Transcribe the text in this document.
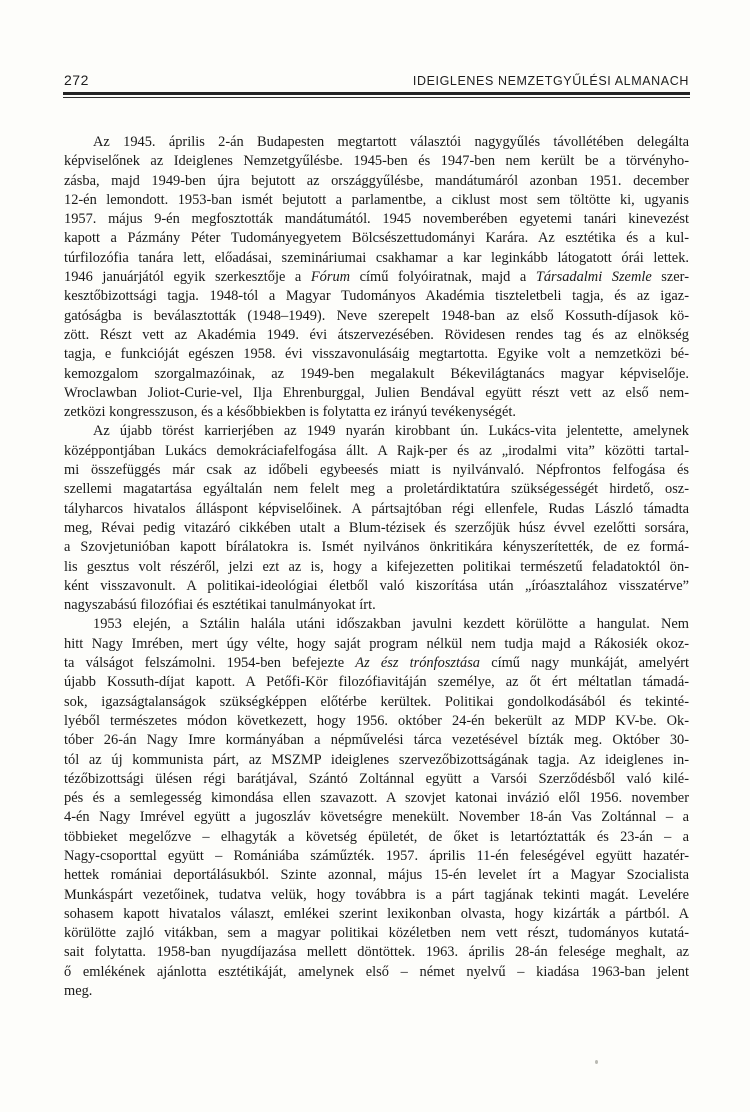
272	IDEIGLENES NEMZETGYŰLÉSI ALMANACH
Az 1945. április 2-án Budapesten megtartott választói nagygyűlés távollétében delegálta
képviselőnek az Ideiglenes Nemzetgyűlésbe. 1945-ben és 1947-ben nem került be a törvényho-
zásba, majd 1949-ben újra bejutott az országgyűlésbe, mandátumáról azonban 1951. december
12-én lemondott. 1953-ban ismét bejutott a parlamentbe, a ciklust most sem töltötte ki, ugyanis
1957. május 9-én megfosztották mandátumától. 1945 novemberében egyetemi tanári kinevezést
kapott a Pázmány Péter Tudományegyetem Bölcsészettudományi Karára. Az esztétika és a kul-
túrfilozófia tanára lett, előadásai, szemináriumai csakhamar a kar leginkább látogatott órái lettek.
1946 januárjától egyik szerkesztője a Fórum című folyóiratnak, majd a Társadalmi Szemle szer-
kesztőbizottsági tagja. 1948-tól a Magyar Tudományos Akadémia tiszteletbeli tagja, és az igaz-
gatóságba is beválasztották (1948–1949). Neve szerepelt 1948-ban az első Kossuth-díjasok kö-
zött. Részt vett az Akadémia 1949. évi átszervezésében. Rövidesen rendes tag és az elnökség
tagja, e funkcióját egészen 1958. évi visszavonulásáig megtartotta. Egyike volt a nemzetközi bé-
kemozgalom szorgalmazóinak, az 1949-ben megalakult Békevilágtanács magyar képviselője.
Wroclawban Joliot-Curie-vel, Ilja Ehrenburggal, Julien Bendával együtt részt vett az első nem-
zetközi kongresszuson, és a későbbiekben is folytatta ez irányú tevékenységét.
Az újabb törést karrierjében az 1949 nyarán kirobbant ún. Lukács-vita jelentette, amelynek
középpontjában Lukács demokráciafelfogása állt. A Rajk-per és az „irodalmi vita” közötti tartal-
mi összefüggés már csak az időbeli egybeesés miatt is nyilvánvaló. Népfrontos felfogása és
szellemi magatartása egyáltalán nem felelt meg a proletárdiktatúra szükségességét hirdető, osz-
tályharcos hivatalos álláspont képviselőinek. A pártsajtóban régi ellenfele, Rudas László támadta
meg, Révai pedig vitazáró cikkében utalt a Blum-tézisek és szerzőjük húsz évvel ezelőtti sorsára,
a Szovjetunióban kapott bírálatokra is. Ismét nyilvános önkritikára kényszerítették, de ez formá-
lis gesztus volt részéről, jelzi ezt az is, hogy a kifejezetten politikai természetű feladatoktól ön-
ként visszavonult. A politikai-ideológiai életből való kiszorítása után „íróasztalához visszatérve”
nagyszabású filozófiai és esztétikai tanulmányokat írt.
1953 elején, a Sztálin halála utáni időszakban javulni kezdett körülötte a hangulat. Nem
hitt Nagy Imrében, mert úgy vélte, hogy saját program nélkül nem tudja majd a Rákosiék okoz-
ta válságot felszámolni. 1954-ben befejezte Az ész trónfosztása című nagy munkáját, amelyért
újabb Kossuth-díjat kapott. A Petőfi-Kör filozófiavitáján személye, az őt ért méltatlan támadá-
sok, igazságtalanságok szükségképpen előtérbe kerültek. Politikai gondolkodásából és tekinté-
lyéből természetes módon következett, hogy 1956. október 24-én bekerült az MDP KV-be. Ok-
tóber 26-án Nagy Imre kormányában a népművelési tárca vezetésével bízták meg. Október 30-
tól az új kommunista párt, az MSZMP ideiglenes szervezőbizottságának tagja. Az ideiglenes in-
tézőbizottsági ülésen régi barátjával, Szántó Zoltánnal együtt a Varsói Szerződésből való kilé-
pés és a semlegesség kimondása ellen szavazott. A szovjet katonai invázió elől 1956. november
4-én Nagy Imrével együtt a jugoszláv követségre menekült. November 18-án Vas Zoltánnal – a
többieket megelőzve – elhagyták a követség épületét, de őket is letartóztatták és 23-án – a
Nagy-csoporttal együtt – Romániába száműzték. 1957. április 11-én feleségével együtt hazatér-
hettek romániai deportálásukból. Szinte azonnal, május 15-én levelet írt a Magyar Szocialista
Munkáspárt vezetőinek, tudatva velük, hogy továbbra is a párt tagjának tekinti magát. Levelére
sohasem kapott hivatalos választ, emlékei szerint lexikonban olvasta, hogy kizárták a pártból. A
körülötte zajló vitákban, sem a magyar politikai közéletben nem vett részt, tudományos kutatá-
sait folytatta. 1958-ban nyugdíjazása mellett döntöttek. 1963. április 28-án felesége meghalt, az
ő emlékének ajánlotta esztétikáját, amelynek első – német nyelvű – kiadása 1963-ban jelent
meg.
